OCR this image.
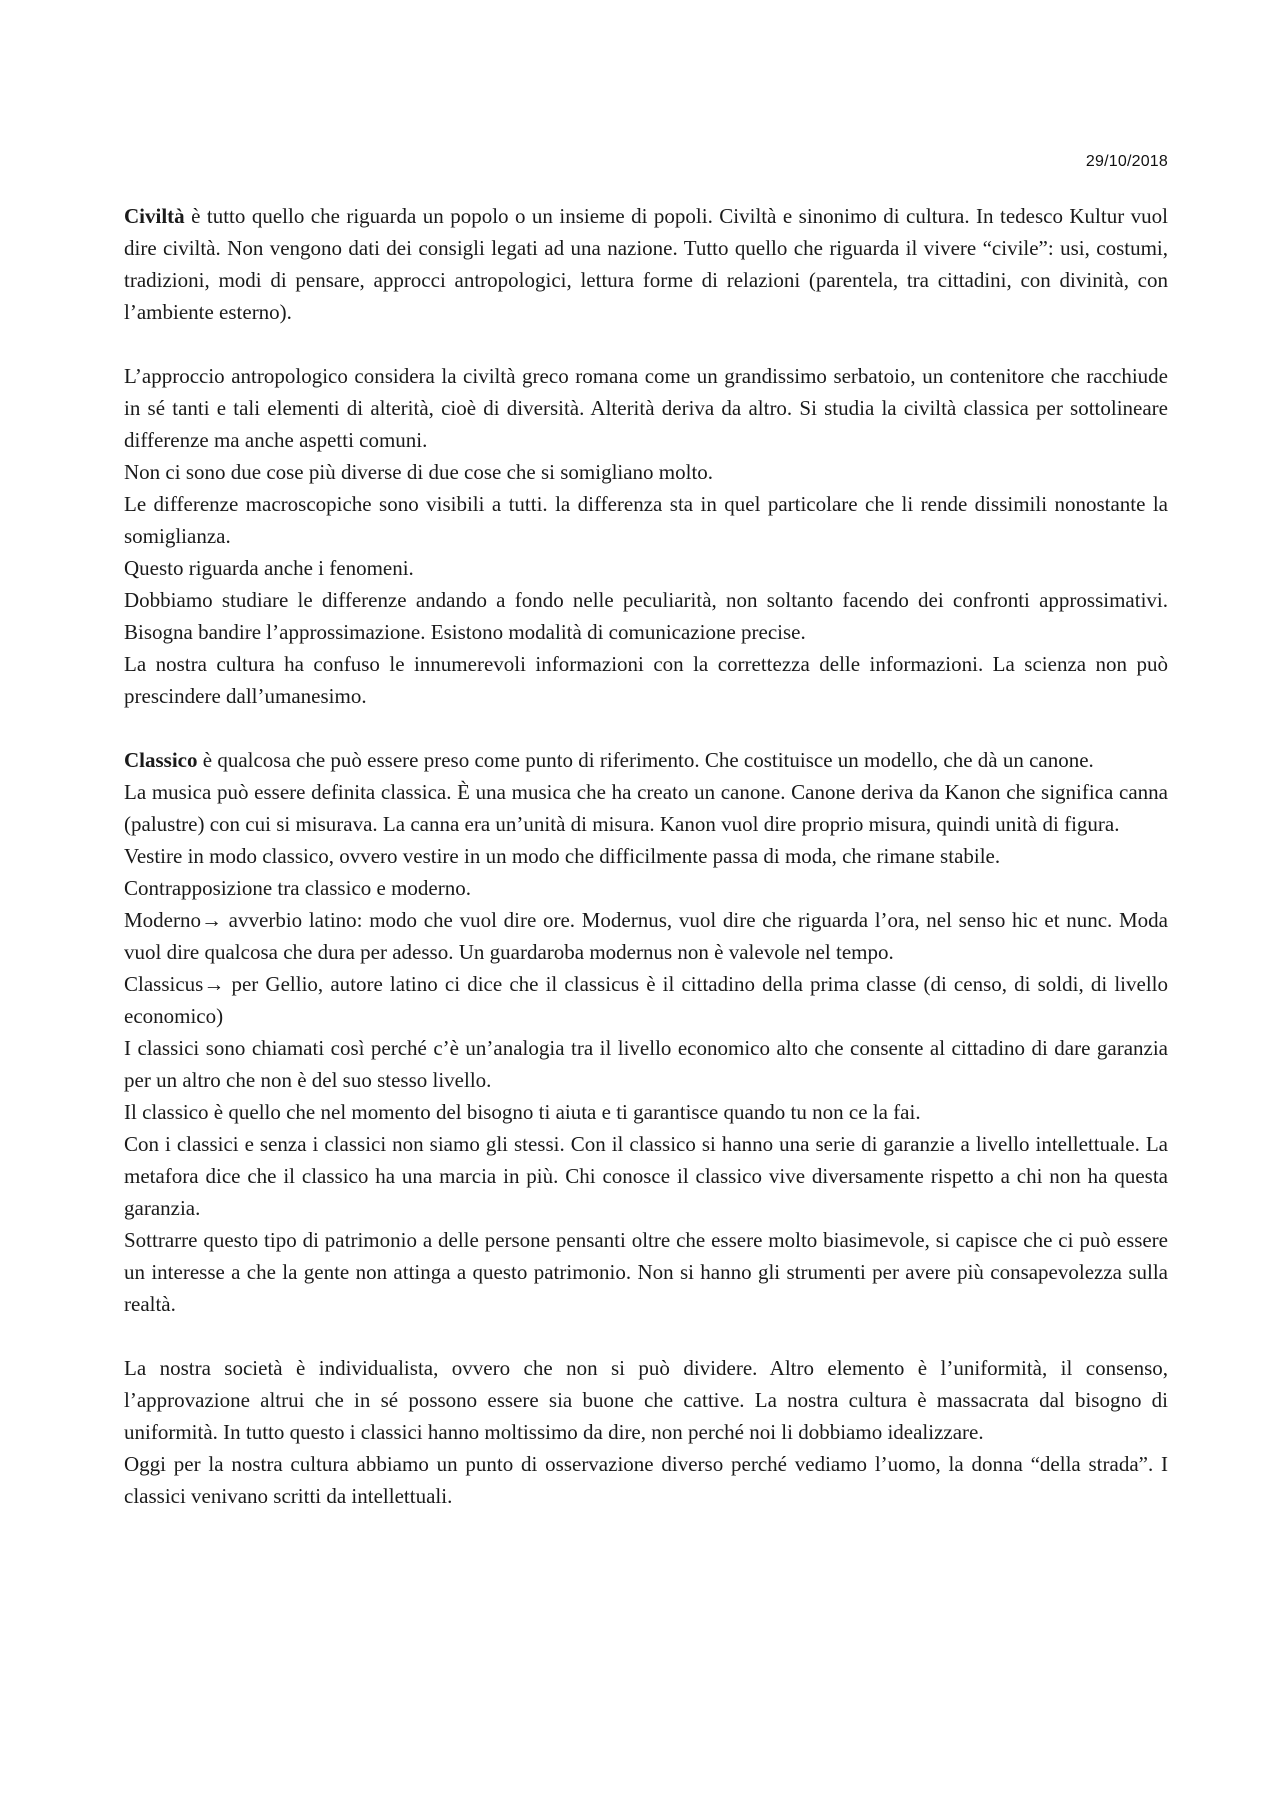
29/10/2018

Civiltà è tutto quello che riguarda un popolo o un insieme di popoli. Civiltà e sinonimo di cultura. In tedesco Kultur vuol dire civiltà. Non vengono dati dei consigli legati ad una nazione. Tutto quello che riguarda il vivere “civile”: usi, costumi, tradizioni, modi di pensare, approcci antropologici, lettura forme di relazioni (parentela, tra cittadini, con divinità, con l’ambiente esterno).

L’approccio antropologico considera la civiltà greco romana come un grandissimo serbatoio, un contenitore che racchiude in sé tanti e tali elementi di alterità, cioè di diversità. Alterità deriva da altro. Si studia la civiltà classica per sottolineare differenze ma anche aspetti comuni.

Non ci sono due cose più diverse di due cose che si somigliano molto.

Le differenze macroscopiche sono visibili a tutti. la differenza sta in quel particolare che li rende dissimili nonostante la somiglianza.

Questo riguarda anche i fenomeni.

Dobbiamo studiare le differenze andando a fondo nelle peculiarità, non soltanto facendo dei confronti approssimativi. Bisogna bandire l’approssimazione. Esistono modalità di comunicazione precise.

La nostra cultura ha confuso le innumerevoli informazioni con la correttezza delle informazioni. La scienza non può prescindere dall’umanesimo.

Classico è qualcosa che può essere preso come punto di riferimento. Che costituisce un modello, che dà un canone.

La musica può essere definita classica. È una musica che ha creato un canone. Canone deriva da Kanon che significa canna (palustre) con cui si misurava. La canna era un’unità di misura. Kanon vuol dire proprio misura, quindi unità di figura.

Vestire in modo classico, ovvero vestire in un modo che difficilmente passa di moda, che rimane stabile.

Contrapposizione tra classico e moderno.

Moderno→ avverbio latino: modo che vuol dire ore. Modernus, vuol dire che riguarda l’ora, nel senso hic et nunc. Moda vuol dire qualcosa che dura per adesso. Un guardaroba modernus non è valevole nel tempo.

Classicus→ per Gellio, autore latino ci dice che il classicus è il cittadino della prima classe (di censo, di soldi, di livello economico)

I classici sono chiamati così perché c’è un’analogia tra il livello economico alto che consente al cittadino di dare garanzia per un altro che non è del suo stesso livello.

Il classico è quello che nel momento del bisogno ti aiuta e ti garantisce quando tu non ce la fai.

Con i classici e senza i classici non siamo gli stessi. Con il classico si hanno una serie di garanzie a livello intellettuale. La metafora dice che il classico ha una marcia in più. Chi conosce il classico vive diversamente rispetto a chi non ha questa garanzia.

Sottrarre questo tipo di patrimonio a delle persone pensanti oltre che essere molto biasimevole, si capisce che ci può essere un interesse a che la gente non attinga a questo patrimonio. Non si hanno gli strumenti per avere più consapevolezza sulla realtà.

La nostra società è individualista, ovvero che non si può dividere. Altro elemento è l’uniformità, il consenso, l’approvazione altrui che in sé possono essere sia buone che cattive. La nostra cultura è massacrata dal bisogno di uniformità. In tutto questo i classici hanno moltissimo da dire, non perché noi li dobbiamo idealizzare.

Oggi per la nostra cultura abbiamo un punto di osservazione diverso perché vediamo l’uomo, la donna “della strada”. I classici venivano scritti da intellettuali.
